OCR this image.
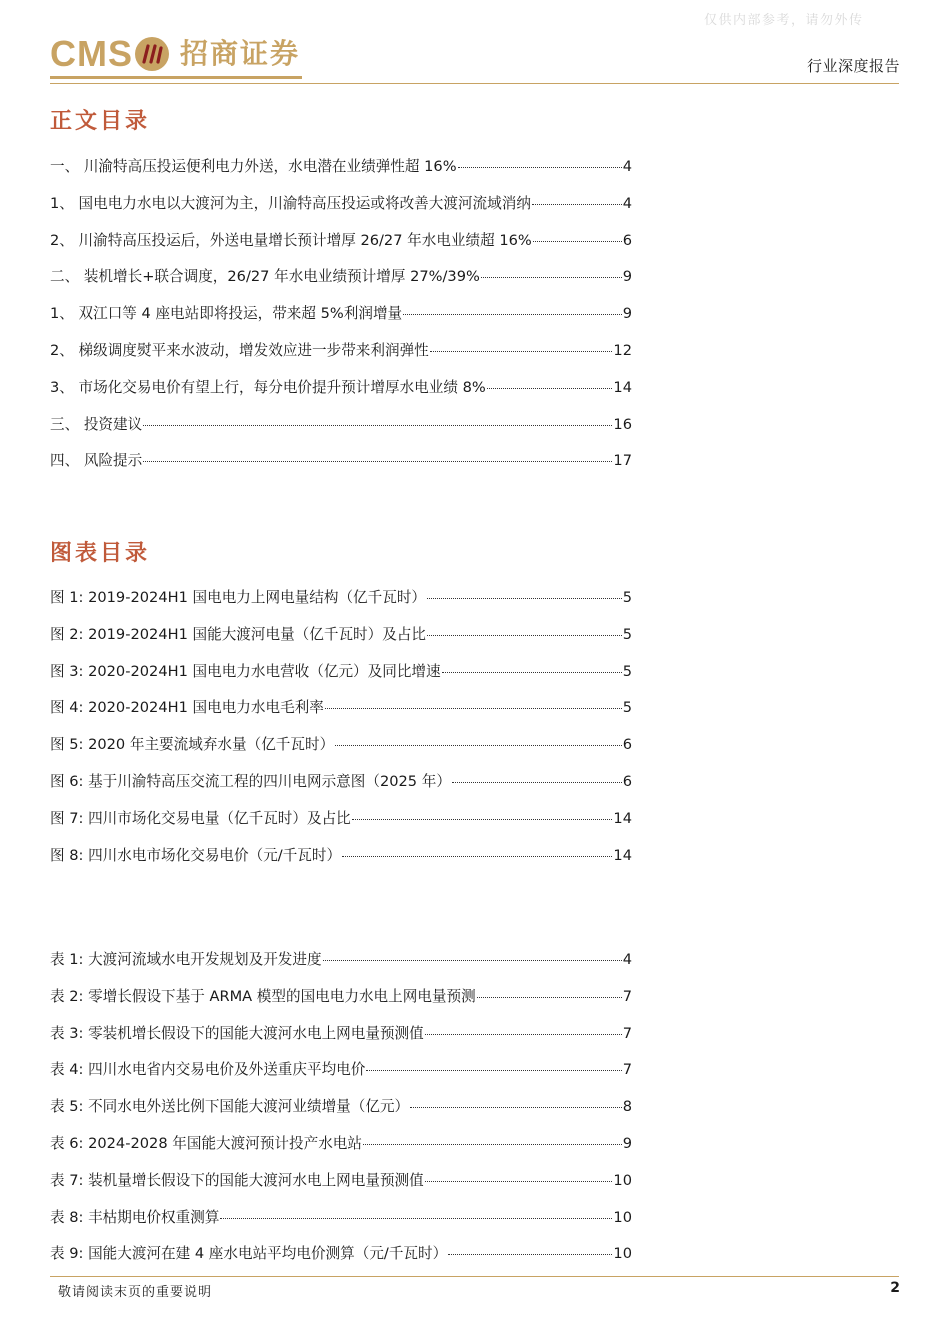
仅供内部参考，请勿外传
CMS 招商证券	行业深度报告
正文目录
一、 川渝特高压投运便利电力外送，水电潜在业绩弹性超 16%	4
1、 国电电力水电以大渡河为主，川渝特高压投运或将改善大渡河流域消纳	4
2、 川渝特高压投运后，外送电量增长预计增厚 26/27 年水电业绩超 16%	6
二、 装机增长+联合调度，26/27 年水电业绩预计增厚 27%/39%	9
1、 双江口等 4 座电站即将投运，带来超 5%利润增量	9
2、 梯级调度熨平来水波动，增发效应进一步带来利润弹性	12
3、 市场化交易电价有望上行，每分电价提升预计增厚水电业绩 8%	14
三、 投资建议	16
四、 风险提示	17
图表目录
图 1: 2019-2024H1 国电电力上网电量结构（亿千瓦时）	5
图 2: 2019-2024H1 国能大渡河电量（亿千瓦时）及占比	5
图 3: 2020-2024H1 国电电力水电营收（亿元）及同比增速	5
图 4: 2020-2024H1 国电电力水电毛利率	5
图 5: 2020 年主要流域弃水量（亿千瓦时）	6
图 6: 基于川渝特高压交流工程的四川电网示意图（2025 年）	6
图 7: 四川市场化交易电量（亿千瓦时）及占比	14
图 8: 四川水电市场化交易电价（元/千瓦时）	14
表 1: 大渡河流域水电开发规划及开发进度	4
表 2: 零增长假设下基于 ARMA 模型的国电电力水电上网电量预测	7
表 3: 零装机增长假设下的国能大渡河水电上网电量预测值	7
表 4: 四川水电省内交易电价及外送重庆平均电价	7
表 5: 不同水电外送比例下国能大渡河业绩增量（亿元）	8
表 6: 2024-2028 年国能大渡河预计投产水电站	9
表 7: 装机量增长假设下的国能大渡河水电上网电量预测值	10
表 8: 丰枯期电价权重测算	10
表 9: 国能大渡河在建 4 座水电站平均电价测算（元/千瓦时）	10
敬请阅读末页的重要说明	2
